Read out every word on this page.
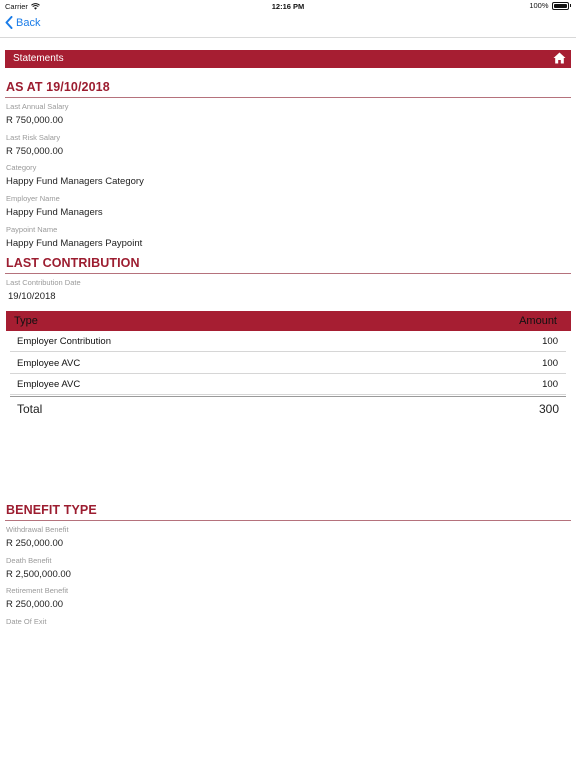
Carrier	12:16 PM	100%
Back
Statements
AS AT 19/10/2018
Last Annual Salary
R 750,000.00
Last Risk Salary
R 750,000.00
Category
Happy Fund Managers Category
Employer Name
Happy Fund Managers
Paypoint Name
Happy Fund Managers Paypoint
LAST CONTRIBUTION
Last Contribution Date
19/10/2018
Type	Amount
Employer Contribution	100
Employee AVC	100
Employee AVC	100
Total	300
BENEFIT TYPE
Withdrawal Benefit
R 250,000.00
Death Benefit
R 2,500,000.00
Retirement Benefit
R 250,000.00
Date Of Exit
